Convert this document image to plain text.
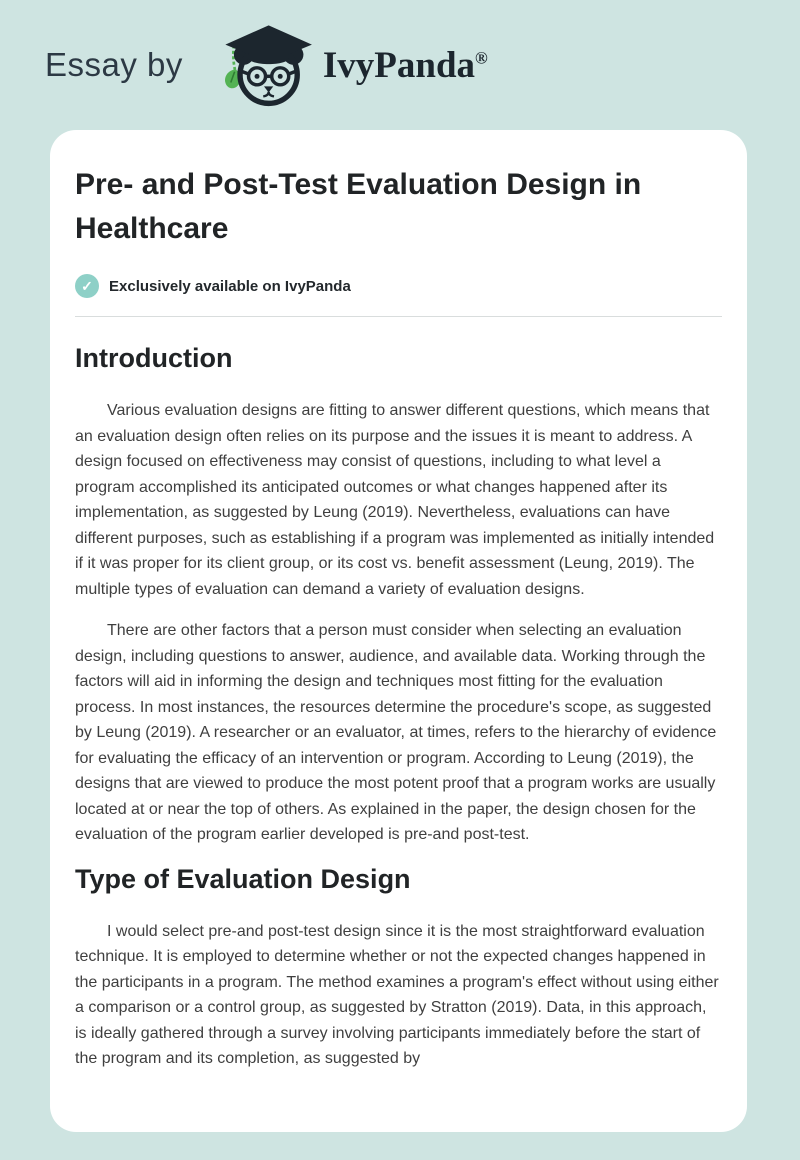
Essay by	IvyPanda®
Pre- and Post-Test Evaluation Design in Healthcare
✓	Exclusively available on IvyPanda
Introduction

Various evaluation designs are fitting to answer different questions, which means that an evaluation design often relies on its purpose and the issues it is meant to address. A design focused on effectiveness may consist of questions, including to what level a program accomplished its anticipated outcomes or what changes happened after its implementation, as suggested by Leung (2019). Nevertheless, evaluations can have different purposes, such as establishing if a program was implemented as initially intended if it was proper for its client group, or its cost vs. benefit assessment (Leung, 2019). The multiple types of evaluation can demand a variety of evaluation designs.

There are other factors that a person must consider when selecting an evaluation design, including questions to answer, audience, and available data. Working through the factors will aid in informing the design and techniques most fitting for the evaluation process. In most instances, the resources determine the procedure's scope, as suggested by Leung (2019). A researcher or an evaluator, at times, refers to the hierarchy of evidence for evaluating the efficacy of an intervention or program. According to Leung (2019), the designs that are viewed to produce the most potent proof that a program works are usually located at or near the top of others. As explained in the paper, the design chosen for the evaluation of the program earlier developed is pre-and post-test.

Type of Evaluation Design

I would select pre-and post-test design since it is the most straightforward evaluation technique. It is employed to determine whether or not the expected changes happened in the participants in a program. The method examines a program's effect without using either a comparison or a control group, as suggested by Stratton (2019). Data, in this approach, is ideally gathered through a survey involving participants immediately before the start of the program and its completion, as suggested by
